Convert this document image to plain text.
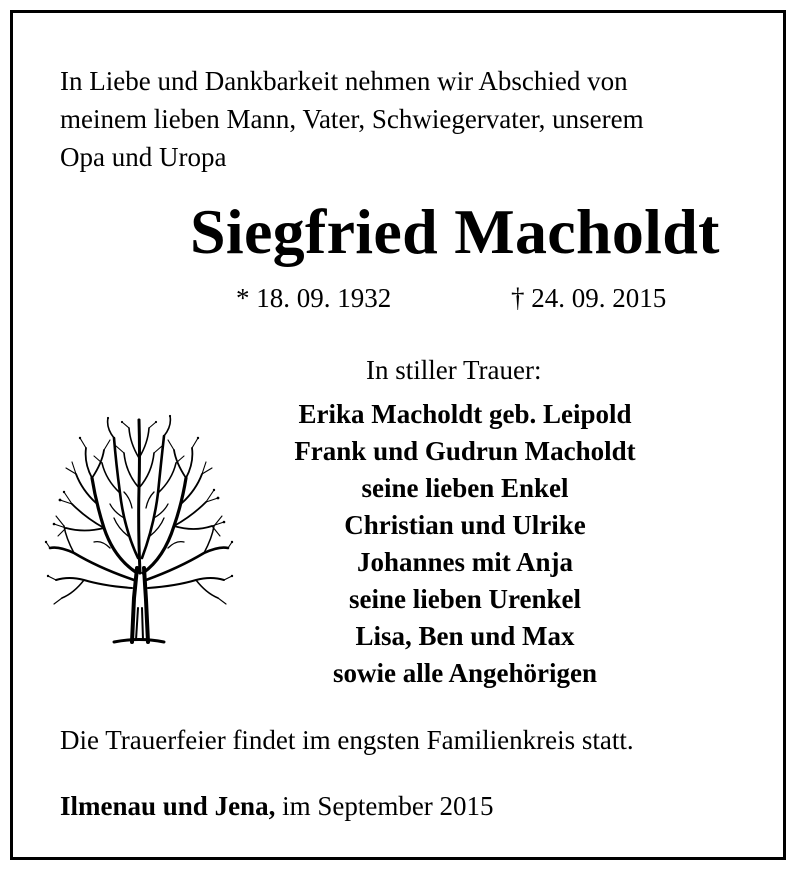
In Liebe und Dankbarkeit nehmen wir Abschied von
meinem lieben Mann, Vater, Schwiegervater, unserem
Opa und Uropa
Siegfried Macholdt
* 18. 09. 1932	† 24. 09. 2015
In stiller Trauer:
Erika Macholdt geb. Leipold
Frank und Gudrun Macholdt
seine lieben Enkel
Christian und Ulrike
Johannes mit Anja
seine lieben Urenkel
Lisa, Ben und Max
sowie alle Angehörigen
Die Trauerfeier findet im engsten Familienkreis statt.
Ilmenau und Jena, im September 2015
